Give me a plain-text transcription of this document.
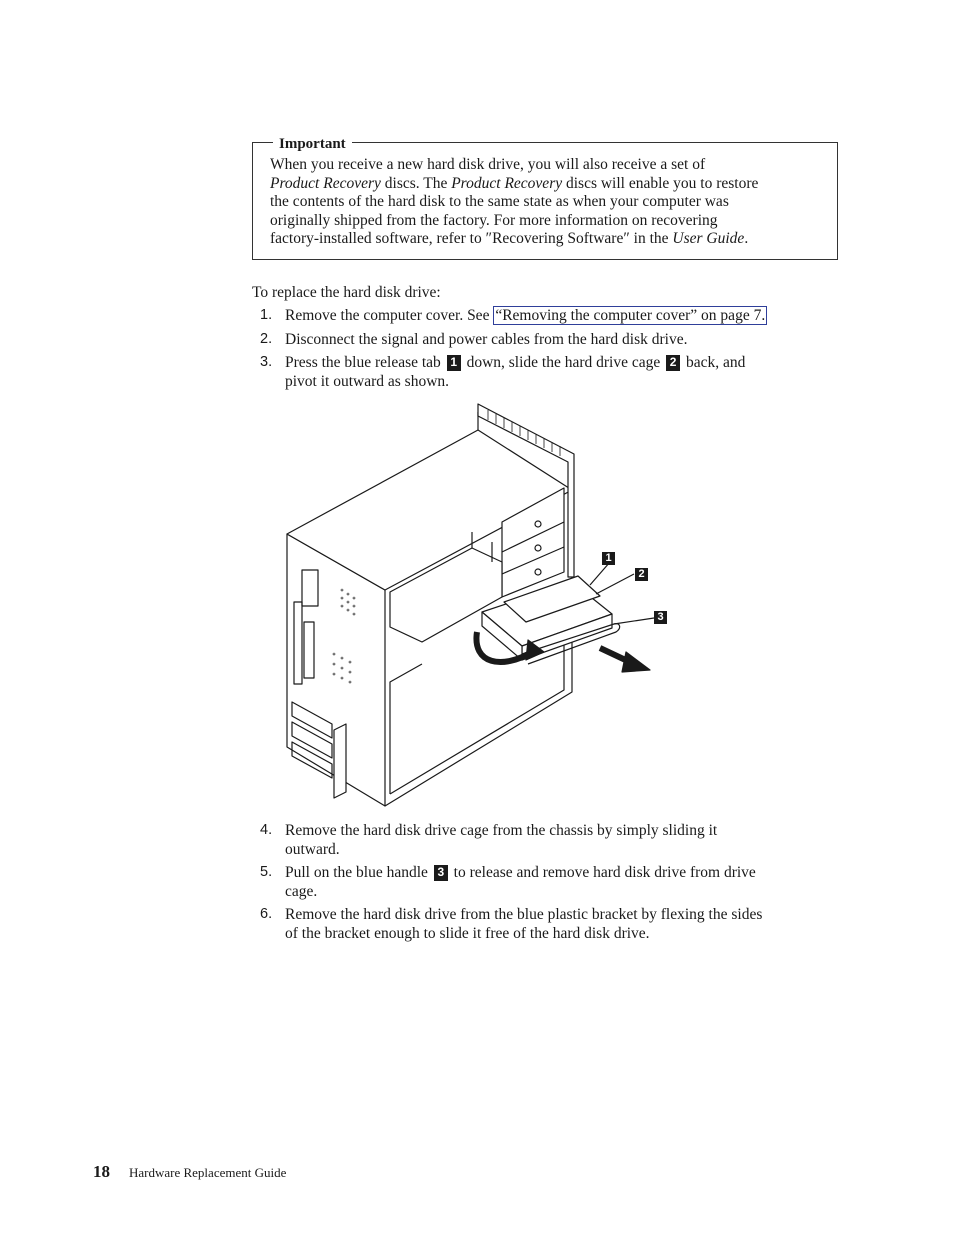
Important
When you receive a new hard disk drive, you will also receive a set of
Product Recovery discs. The Product Recovery discs will enable you to restore
the contents of the hard disk to the same state as when your computer was
originally shipped from the factory. For more information on recovering
factory-installed software, refer to ″Recovering Software″ in the User Guide.
To replace the hard disk drive:
1. Remove the computer cover. See “Removing the computer cover” on page 7.
2. Disconnect the signal and power cables from the hard disk drive.
3. Press the blue release tab 1 down, slide the hard drive cage 2 back, and
pivot it outward as shown.
1
2
3
4. Remove the hard disk drive cage from the chassis by simply sliding it
outward.
5. Pull on the blue handle 3 to release and remove hard disk drive from drive
cage.
6. Remove the hard disk drive from the blue plastic bracket by flexing the sides
of the bracket enough to slide it free of the hard disk drive.
18 Hardware Replacement Guide
